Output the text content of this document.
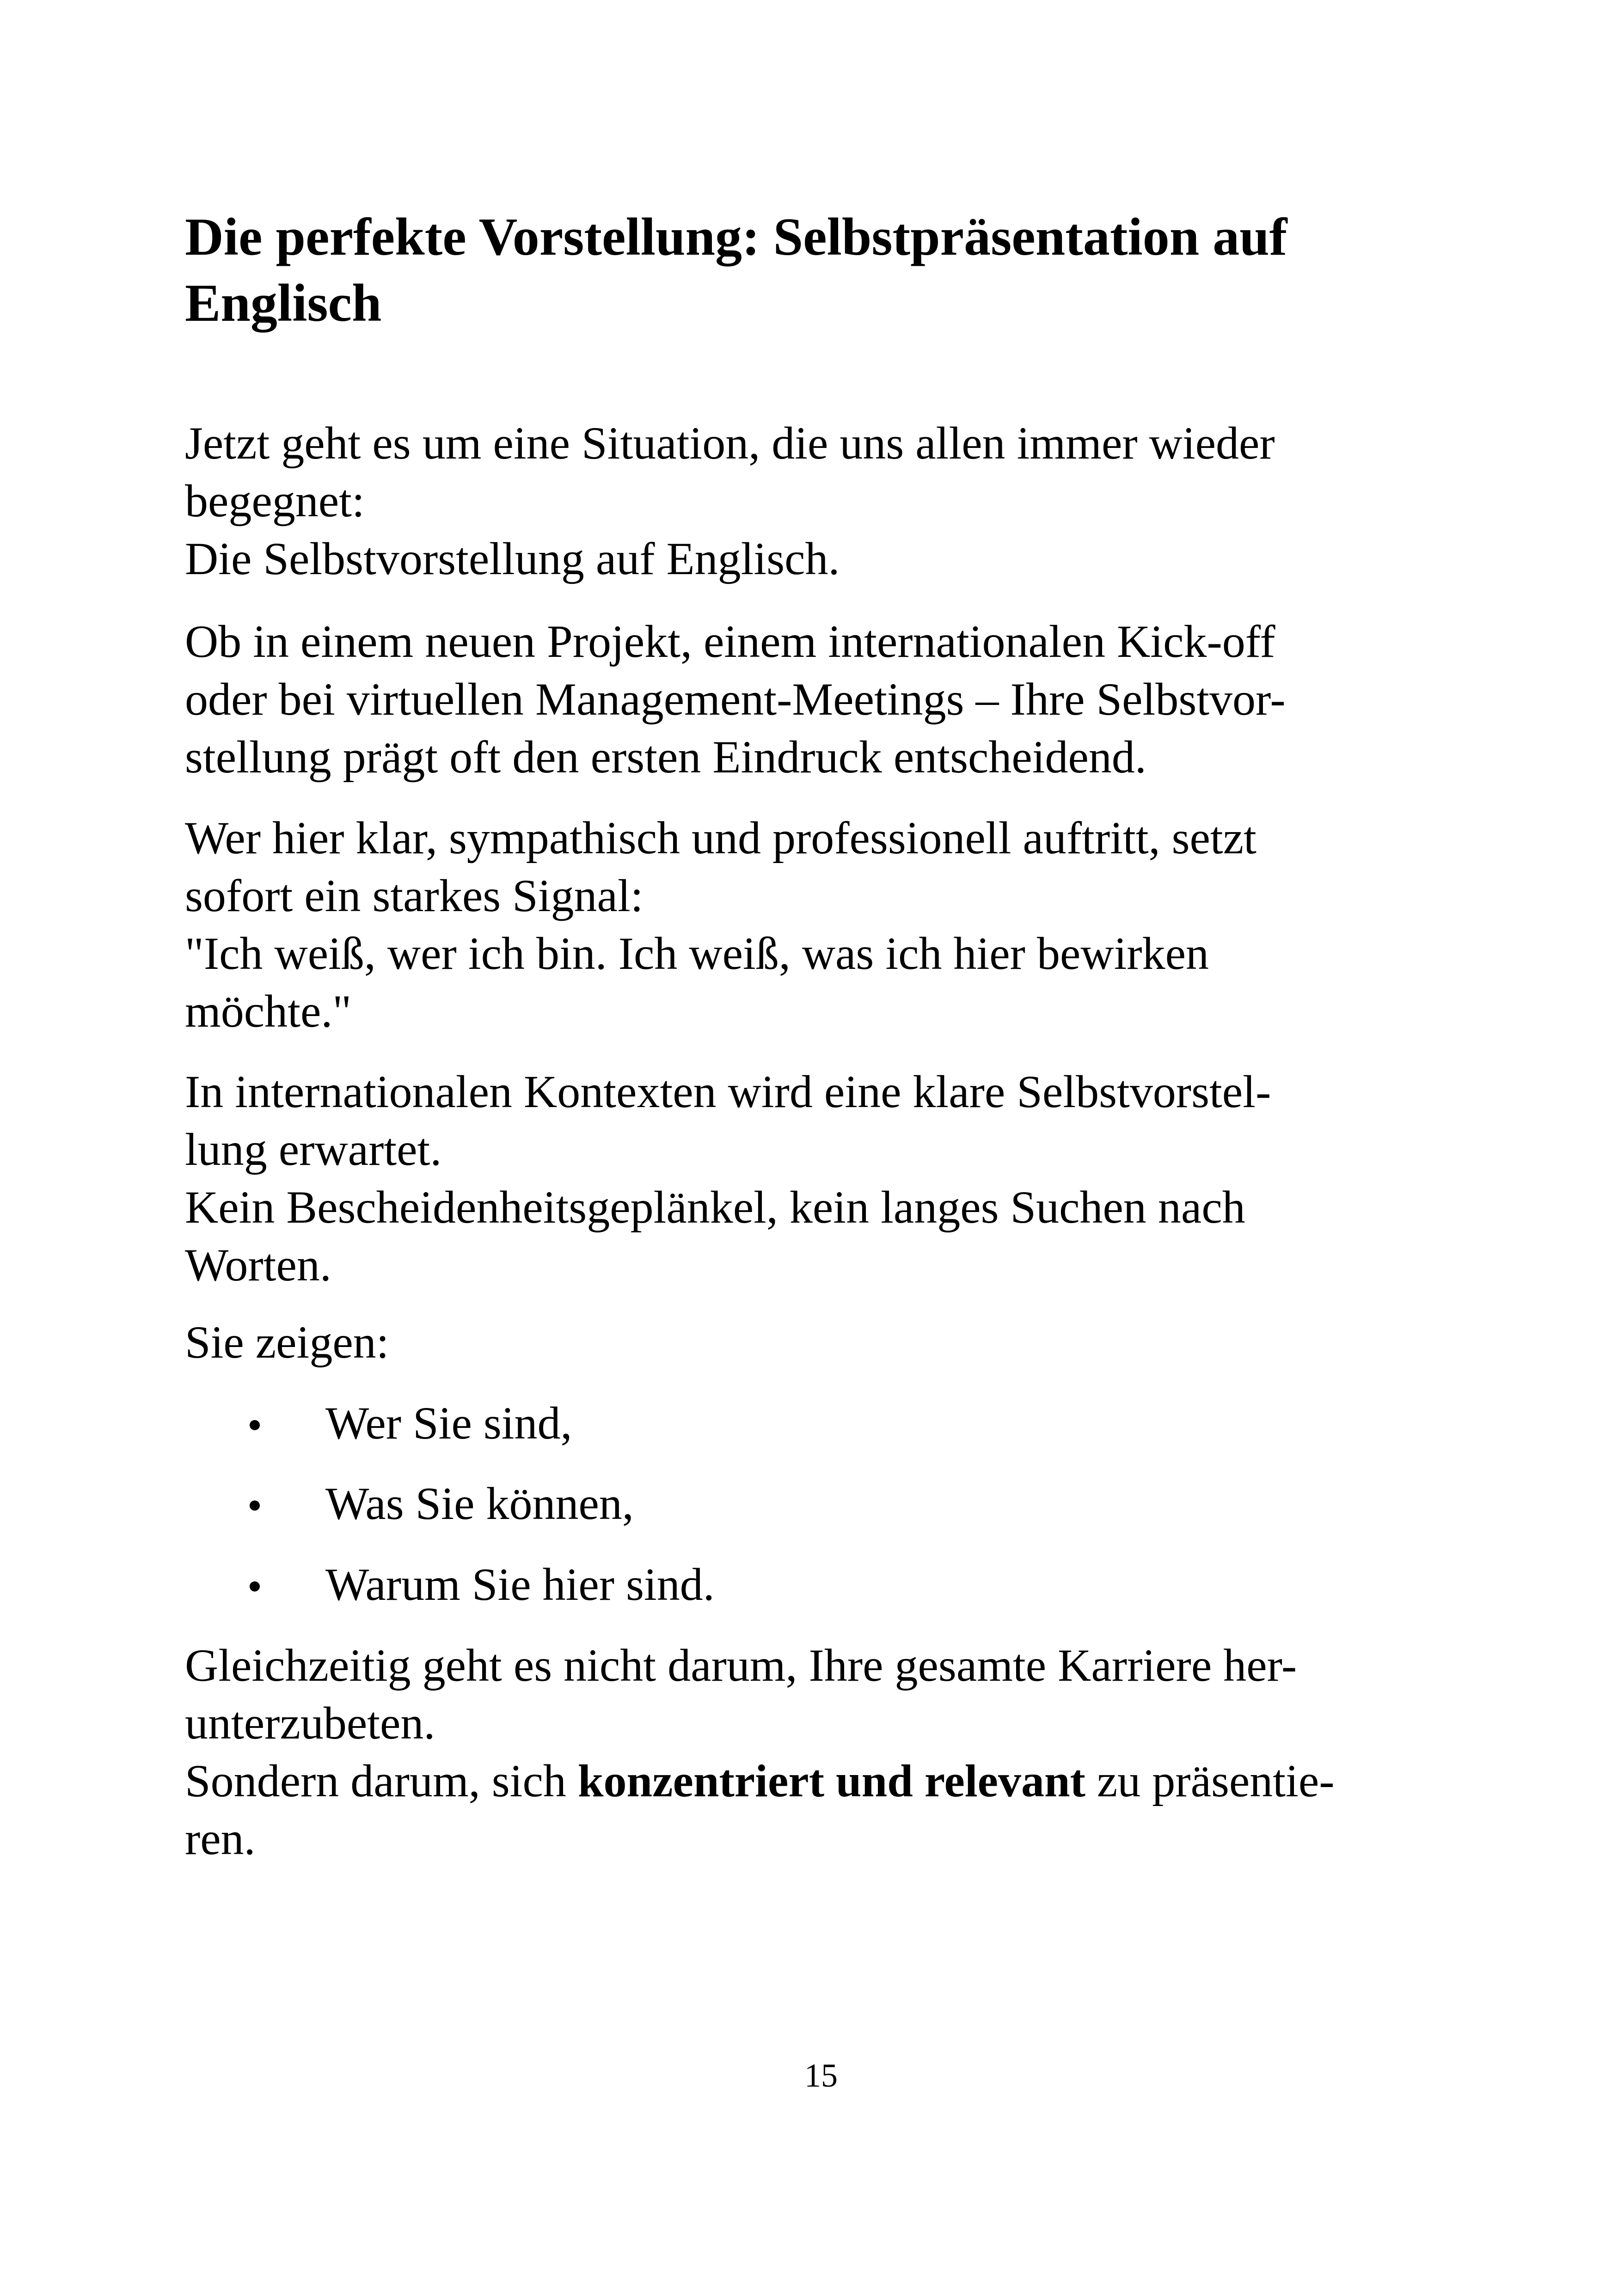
Die perfekte Vorstellung: Selbstpräsentation auf
Englisch
Jetzt geht es um eine Situation, die uns allen immer wieder
begegnet:
Die Selbstvorstellung auf Englisch.
Ob in einem neuen Projekt, einem internationalen Kick-off
oder bei virtuellen Management-Meetings – Ihre Selbstvor-
stellung prägt oft den ersten Eindruck entscheidend.
Wer hier klar, sympathisch und professionell auftritt, setzt
sofort ein starkes Signal:
"Ich weiß, wer ich bin. Ich weiß, was ich hier bewirken
möchte."
In internationalen Kontexten wird eine klare Selbstvorstel-
lung erwartet.
Kein Bescheidenheitsgeplänkel, kein langes Suchen nach
Worten.
Sie zeigen:
Wer Sie sind,
Was Sie können,
Warum Sie hier sind.
Gleichzeitig geht es nicht darum, Ihre gesamte Karriere her-
unterzubeten.
Sondern darum, sich konzentriert und relevant zu präsentie-
ren.
15
